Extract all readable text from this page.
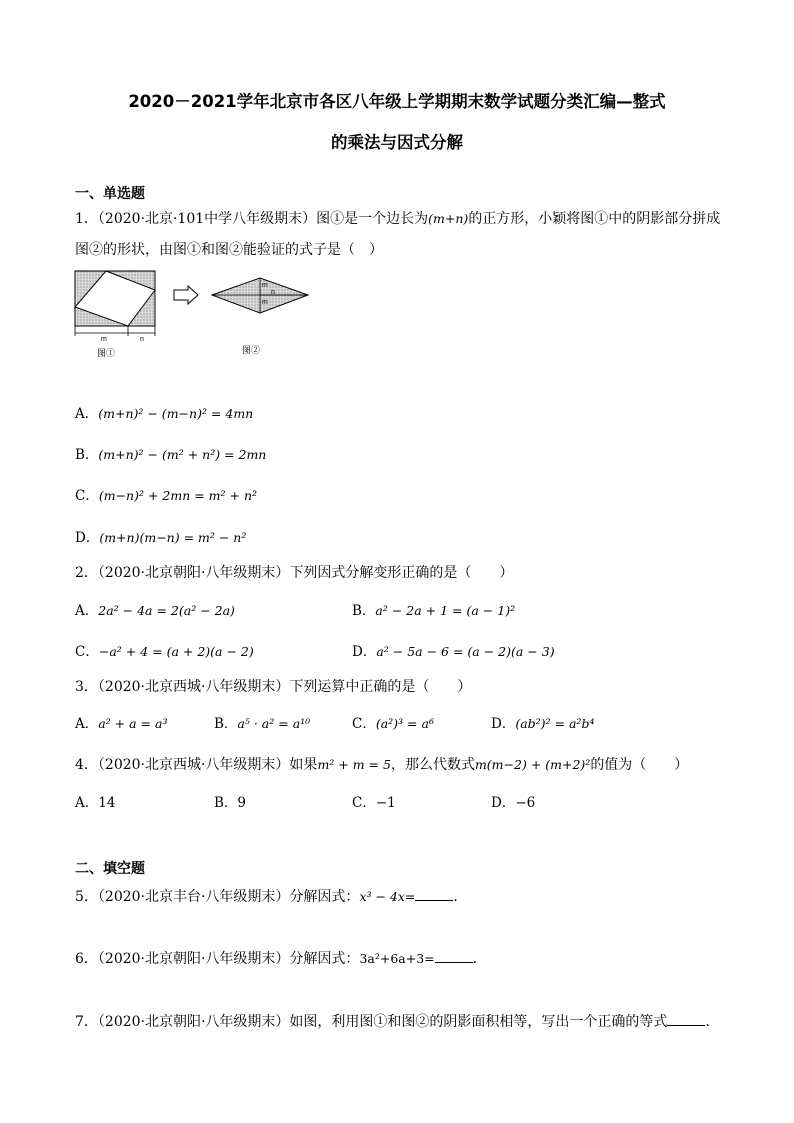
2020－2021学年北京市各区八年级上学期期末数学试题分类汇编—整式
的乘法与因式分解
一、单选题
1．（2020·北京·101中学八年级期末）图①是一个边长为(m+n)的正方形，小颖将图①中的阴影部分拼成
图②的形状，由图①和图②能验证的式子是（　）
m	n
图①
m
n
m
图②
A．(m+n)² − (m−n)² = 4mn
B．(m+n)² − (m² + n²) = 2mn
C．(m−n)² + 2mn = m² + n²
D．(m+n)(m−n) = m² − n²
2．（2020·北京朝阳·八年级期末）下列因式分解变形正确的是（　　）
A．2a² − 4a = 2(a² − 2a)	B．a² − 2a + 1 = (a − 1)²
C．−a² + 4 = (a + 2)(a − 2)	D．a² − 5a − 6 = (a − 2)(a − 3)
3．（2020·北京西城·八年级期末）下列运算中正确的是（　　）
A．a² + a = a³	B．a⁵ · a² = a¹⁰	C．(a²)³ = a⁶	D．(ab²)² = a²b⁴
4．（2020·北京西城·八年级期末）如果m² + m = 5，那么代数式m(m−2) + (m+2)²的值为（　　）
A．14	B．9	C．−1	D．−6
二、填空题
5．（2020·北京丰台·八年级期末）分解因式：x³ − 4x=	．
6．（2020·北京朝阳·八年级期末）分解因式：3a²+6a+3=	．
7．（2020·北京朝阳·八年级期末）如图，利用图①和图②的阴影面积相等，写出一个正确的等式	．
